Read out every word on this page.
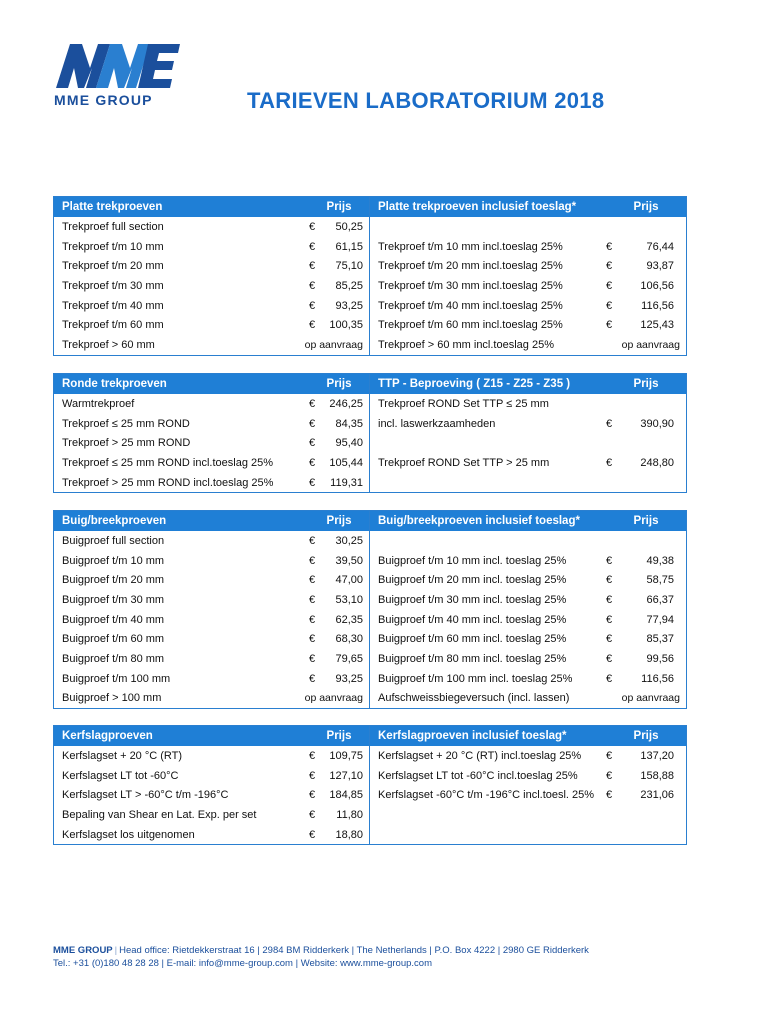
MME GROUP	TARIEVEN LABORATORIUM 2018
Platte trekproeven	Prijs	Platte trekproeven inclusief toeslag*	Prijs
Trekproef full section	€	50,25
Trekproef t/m 10 mm	€	61,15	Trekproef t/m 10 mm incl.toeslag 25%	€	76,44
Trekproef t/m 20 mm	€	75,10	Trekproef t/m 20 mm incl.toeslag 25%	€	93,87
Trekproef t/m 30 mm	€	85,25	Trekproef t/m 30 mm incl.toeslag 25%	€	106,56
Trekproef t/m 40 mm	€	93,25	Trekproef t/m 40 mm incl.toeslag 25%	€	116,56
Trekproef t/m 60 mm	€	100,35	Trekproef t/m 60 mm incl.toeslag 25%	€	125,43
Trekproef > 60 mm	op aanvraag	Trekproef > 60 mm incl.toeslag 25%	op aanvraag
Ronde trekproeven	Prijs	TTP - Beproeving ( Z15 - Z25 - Z35 )	Prijs
Warmtrekproef	€	246,25	Trekproef ROND Set TTP ≤ 25 mm
Trekproef ≤ 25 mm ROND	€	84,35	incl. laswerkzaamheden	€	390,90
Trekproef > 25 mm ROND	€	95,40
Trekproef ≤ 25 mm ROND incl.toeslag 25%	€	105,44	Trekproef ROND Set TTP > 25 mm	€	248,80
Trekproef > 25 mm ROND incl.toeslag 25%	€	119,31
Buig/breekproeven	Prijs	Buig/breekproeven inclusief toeslag*	Prijs
Buigproef full section	€	30,25
Buigproef t/m 10 mm	€	39,50	Buigproef t/m 10 mm incl. toeslag 25%	€	49,38
Buigproef t/m 20 mm	€	47,00	Buigproef t/m 20 mm incl. toeslag 25%	€	58,75
Buigproef t/m 30 mm	€	53,10	Buigproef t/m 30 mm incl. toeslag 25%	€	66,37
Buigproef t/m 40 mm	€	62,35	Buigproef t/m 40 mm incl. toeslag 25%	€	77,94
Buigproef t/m 60 mm	€	68,30	Buigproef t/m 60 mm incl. toeslag 25%	€	85,37
Buigproef t/m 80 mm	€	79,65	Buigproef t/m 80 mm incl. toeslag 25%	€	99,56
Buigproef t/m 100 mm	€	93,25	Buigproef t/m 100 mm incl. toeslag 25%	€	116,56
Buigproef > 100 mm	op aanvraag	Aufschweissbiegeversuch (incl. lassen)	op aanvraag
Kerfslagproeven	Prijs	Kerfslagproeven inclusief toeslag*	Prijs
Kerfslagset + 20 °C (RT)	€	109,75	Kerfslagset + 20 °C (RT) incl.toeslag 25%	€	137,20
Kerfslagset LT tot -60°C	€	127,10	Kerfslagset LT tot -60°C incl.toeslag 25%	€	158,88
Kerfslagset LT > -60°C t/m -196°C	€	184,85	Kerfslagset -60°C t/m -196°C incl.toesl. 25%	€	231,06
Bepaling van Shear en Lat. Exp. per set	€	11,80
Kerfslagset los uitgenomen	€	18,80
MME GROUP | Head office: Rietdekkerstraat 16 | 2984 BM Ridderkerk | The Netherlands | P.O. Box 4222 | 2980 GE Ridderkerk
Tel.: +31 (0)180 48 28 28 | E-mail: info@mme-group.com | Website: www.mme-group.com
